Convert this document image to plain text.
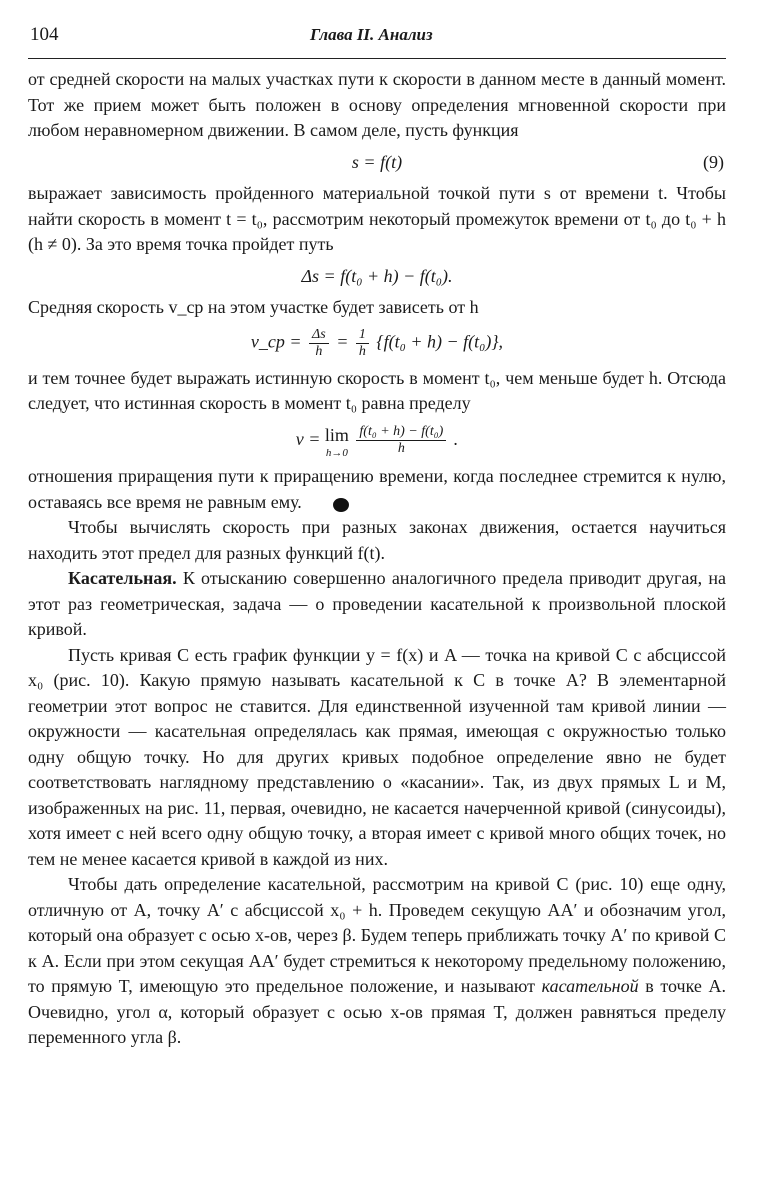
104	Глава II. Анализ

от средней скорости на малых участках пути к скорости в данном месте в данный момент. Тот же прием может быть положен в основу определения мгновенной скорости при любом неравномерном движении. В самом деле, пусть функция

s = f(t)	(9)

выражает зависимость пройденного материальной точкой пути s от времени t. Чтобы найти скорость в момент t = t₀, рассмотрим некоторый промежуток времени от t₀ до t₀ + h (h ≠ 0). За это время точка пройдет путь

Δs = f(t₀ + h) − f(t₀).

Средняя скорость v_ср на этом участке будет зависеть от h

v_ср = $\frac{\Delta s}{h} = \frac{1}{h} \{f(t_0 + h) - f(t_0)\}$,

и тем точнее будет выражать истинную скорость в момент t₀, чем меньше будет h. Отсюда следует, что истинная скорость в момент t₀ равна пределу

v = lim
h→0
$\frac{\text{f(t₀ + h) − f(t₀)}}{h}$ .

отношения приращения пути к приращению времени, когда последнее стремится к нулю, оставаясь все время не равным ему.

Чтобы вычислять скорость при разных законах движения, остается научиться находить этот предел для разных функций f(t).

Касательная. К отысканию совершенно аналогичного предела приводит другая, на этот раз геометрическая, задача — о проведении касательной к произвольной плоской кривой.

Пусть кривая C есть график функции y = f(x) и A — точка на кривой C с абсциссой x₀ (рис. 10). Какую прямую называть касательной к C в точке A? В элементарной геометрии этот вопрос не ставится. Для единственной изученной там кривой линии — окружности — касательная определялась как прямая, имеющая с окружностью только одну общую точку. Но для других кривых подобное определение явно не будет соответствовать наглядному представлению о «касании». Так, из двух прямых L и M, изображенных на рис. 11, первая, очевидно, не касается начерченной кривой (синусоиды), хотя имеет с ней всего одну общую точку, а вторая имеет с кривой много общих точек, но тем не менее касается кривой в каждой из них.

Чтобы дать определение касательной, рассмотрим на кривой C (рис. 10) еще одну, отличную от A, точку A′ с абсциссой x₀ + h. Проведем секущую AA′ и обозначим угол, который она образует с осью x-ов, через β. Будем теперь приближать точку A′ по кривой C к A. Если при этом секущая AA′ будет стремиться к некоторому предельному положению, то прямую T, имеющую это предельное положение, и называют касательной в точке A. Очевидно, угол α, который образует с осью x-ов прямая T, должен равняться пределу переменного угла β.
